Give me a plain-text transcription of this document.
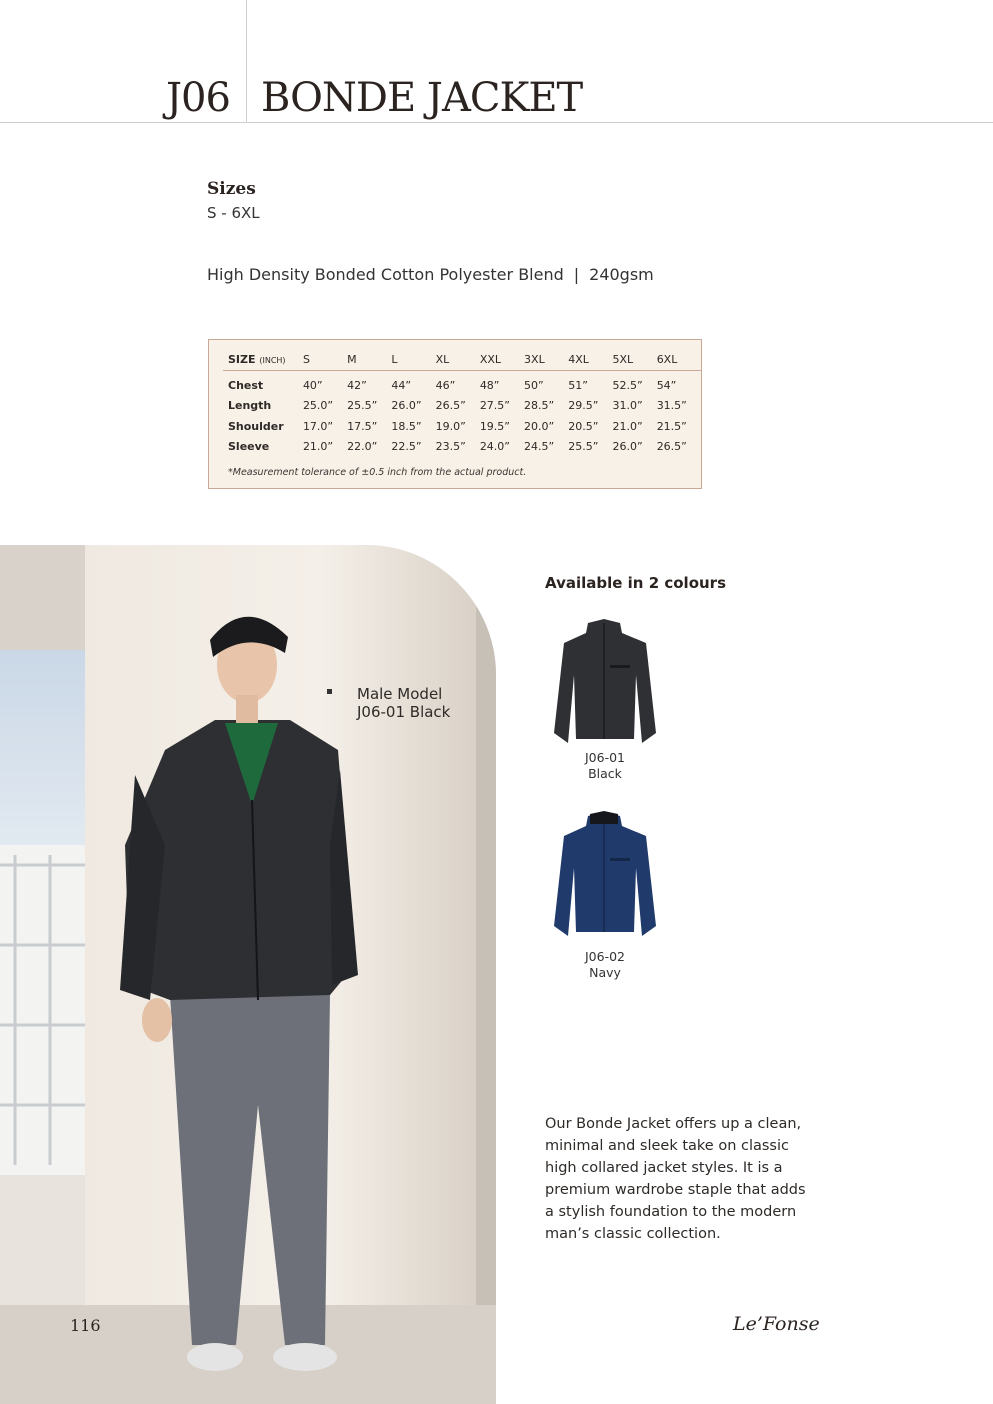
J06 BONDE JACKET
Sizes
S - 6XL
High Density Bonded Cotton Polyester Blend | 240gsm
SIZE (INCH)	S	M	L	XL	XXL	3XL	4XL	5XL	6XL
Chest	40”	42”	44”	46”	48”	50”	51”	52.5”	54”
Length	25.0”	25.5”	26.0”	26.5”	27.5”	28.5”	29.5”	31.0”	31.5”
Shoulder	17.0”	17.5”	18.5”	19.0”	19.5”	20.0”	20.5”	21.0”	21.5”
Sleeve	21.0”	22.0”	22.5”	23.5”	24.0”	24.5”	25.5”	26.0”	26.5”
*Measurement tolerance of ±0.5 inch from the actual product.
Male Model
J06-01 Black
Available in 2 colours
J06-01
Black
J06-02
Navy
Our Bonde Jacket offers up a clean, minimal and sleek take on classic high collared jacket styles. It is a premium wardrobe staple that adds a stylish foundation to the modern man’s classic collection.
116	Le’Fonse
